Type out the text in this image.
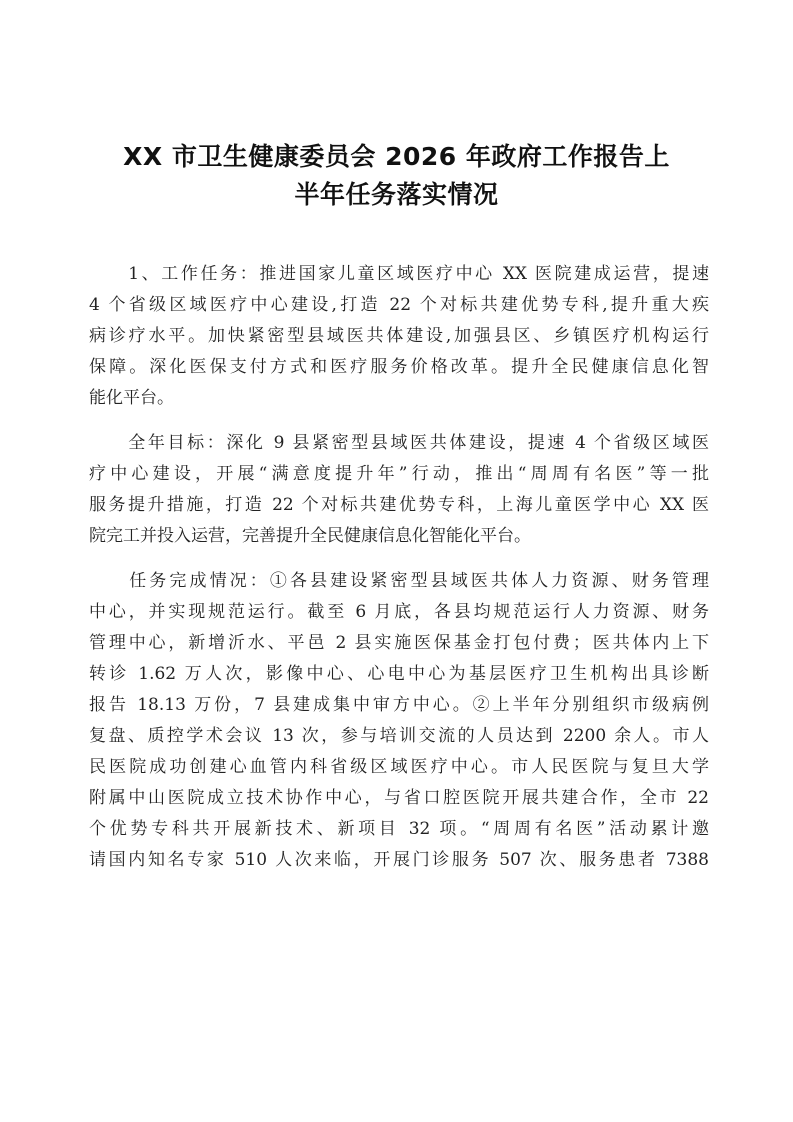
XX 市卫生健康委员会 2026 年政府工作报告上
半年任务落实情况
　　1、工作任务：推进国家儿童区域医疗中心 XX 医院建成运营，提速
4 个省级区域医疗中心建设,打造 22 个对标共建优势专科,提升重大疾
病诊疗水平。加快紧密型县域医共体建设,加强县区、乡镇医疗机构运行
保障。深化医保支付方式和医疗服务价格改革。提升全民健康信息化智
能化平台。
　　全年目标：深化 9 县紧密型县域医共体建设，提速 4 个省级区域医
疗中心建设，开展“满意度提升年”行动，推出“周周有名医”等一批
服务提升措施，打造 22 个对标共建优势专科，上海儿童医学中心 XX 医
院完工并投入运营，完善提升全民健康信息化智能化平台。
　　任务完成情况：①各县建设紧密型县域医共体人力资源、财务管理
中心，并实现规范运行。截至 6 月底，各县均规范运行人力资源、财务
管理中心，新增沂水、平邑 2 县实施医保基金打包付费；医共体内上下
转诊 1.62 万人次，影像中心、心电中心为基层医疗卫生机构出具诊断
报告 18.13 万份，7 县建成集中审方中心。②上半年分别组织市级病例
复盘、质控学术会议 13 次，参与培训交流的人员达到 2200 余人。市人
民医院成功创建心血管内科省级区域医疗中心。市人民医院与复旦大学
附属中山医院成立技术协作中心，与省口腔医院开展共建合作，全市 22
个优势专科共开展新技术、新项目 32 项。“周周有名医”活动累计邀
请国内知名专家 510 人次来临，开展门诊服务 507 次、服务患者 7388
